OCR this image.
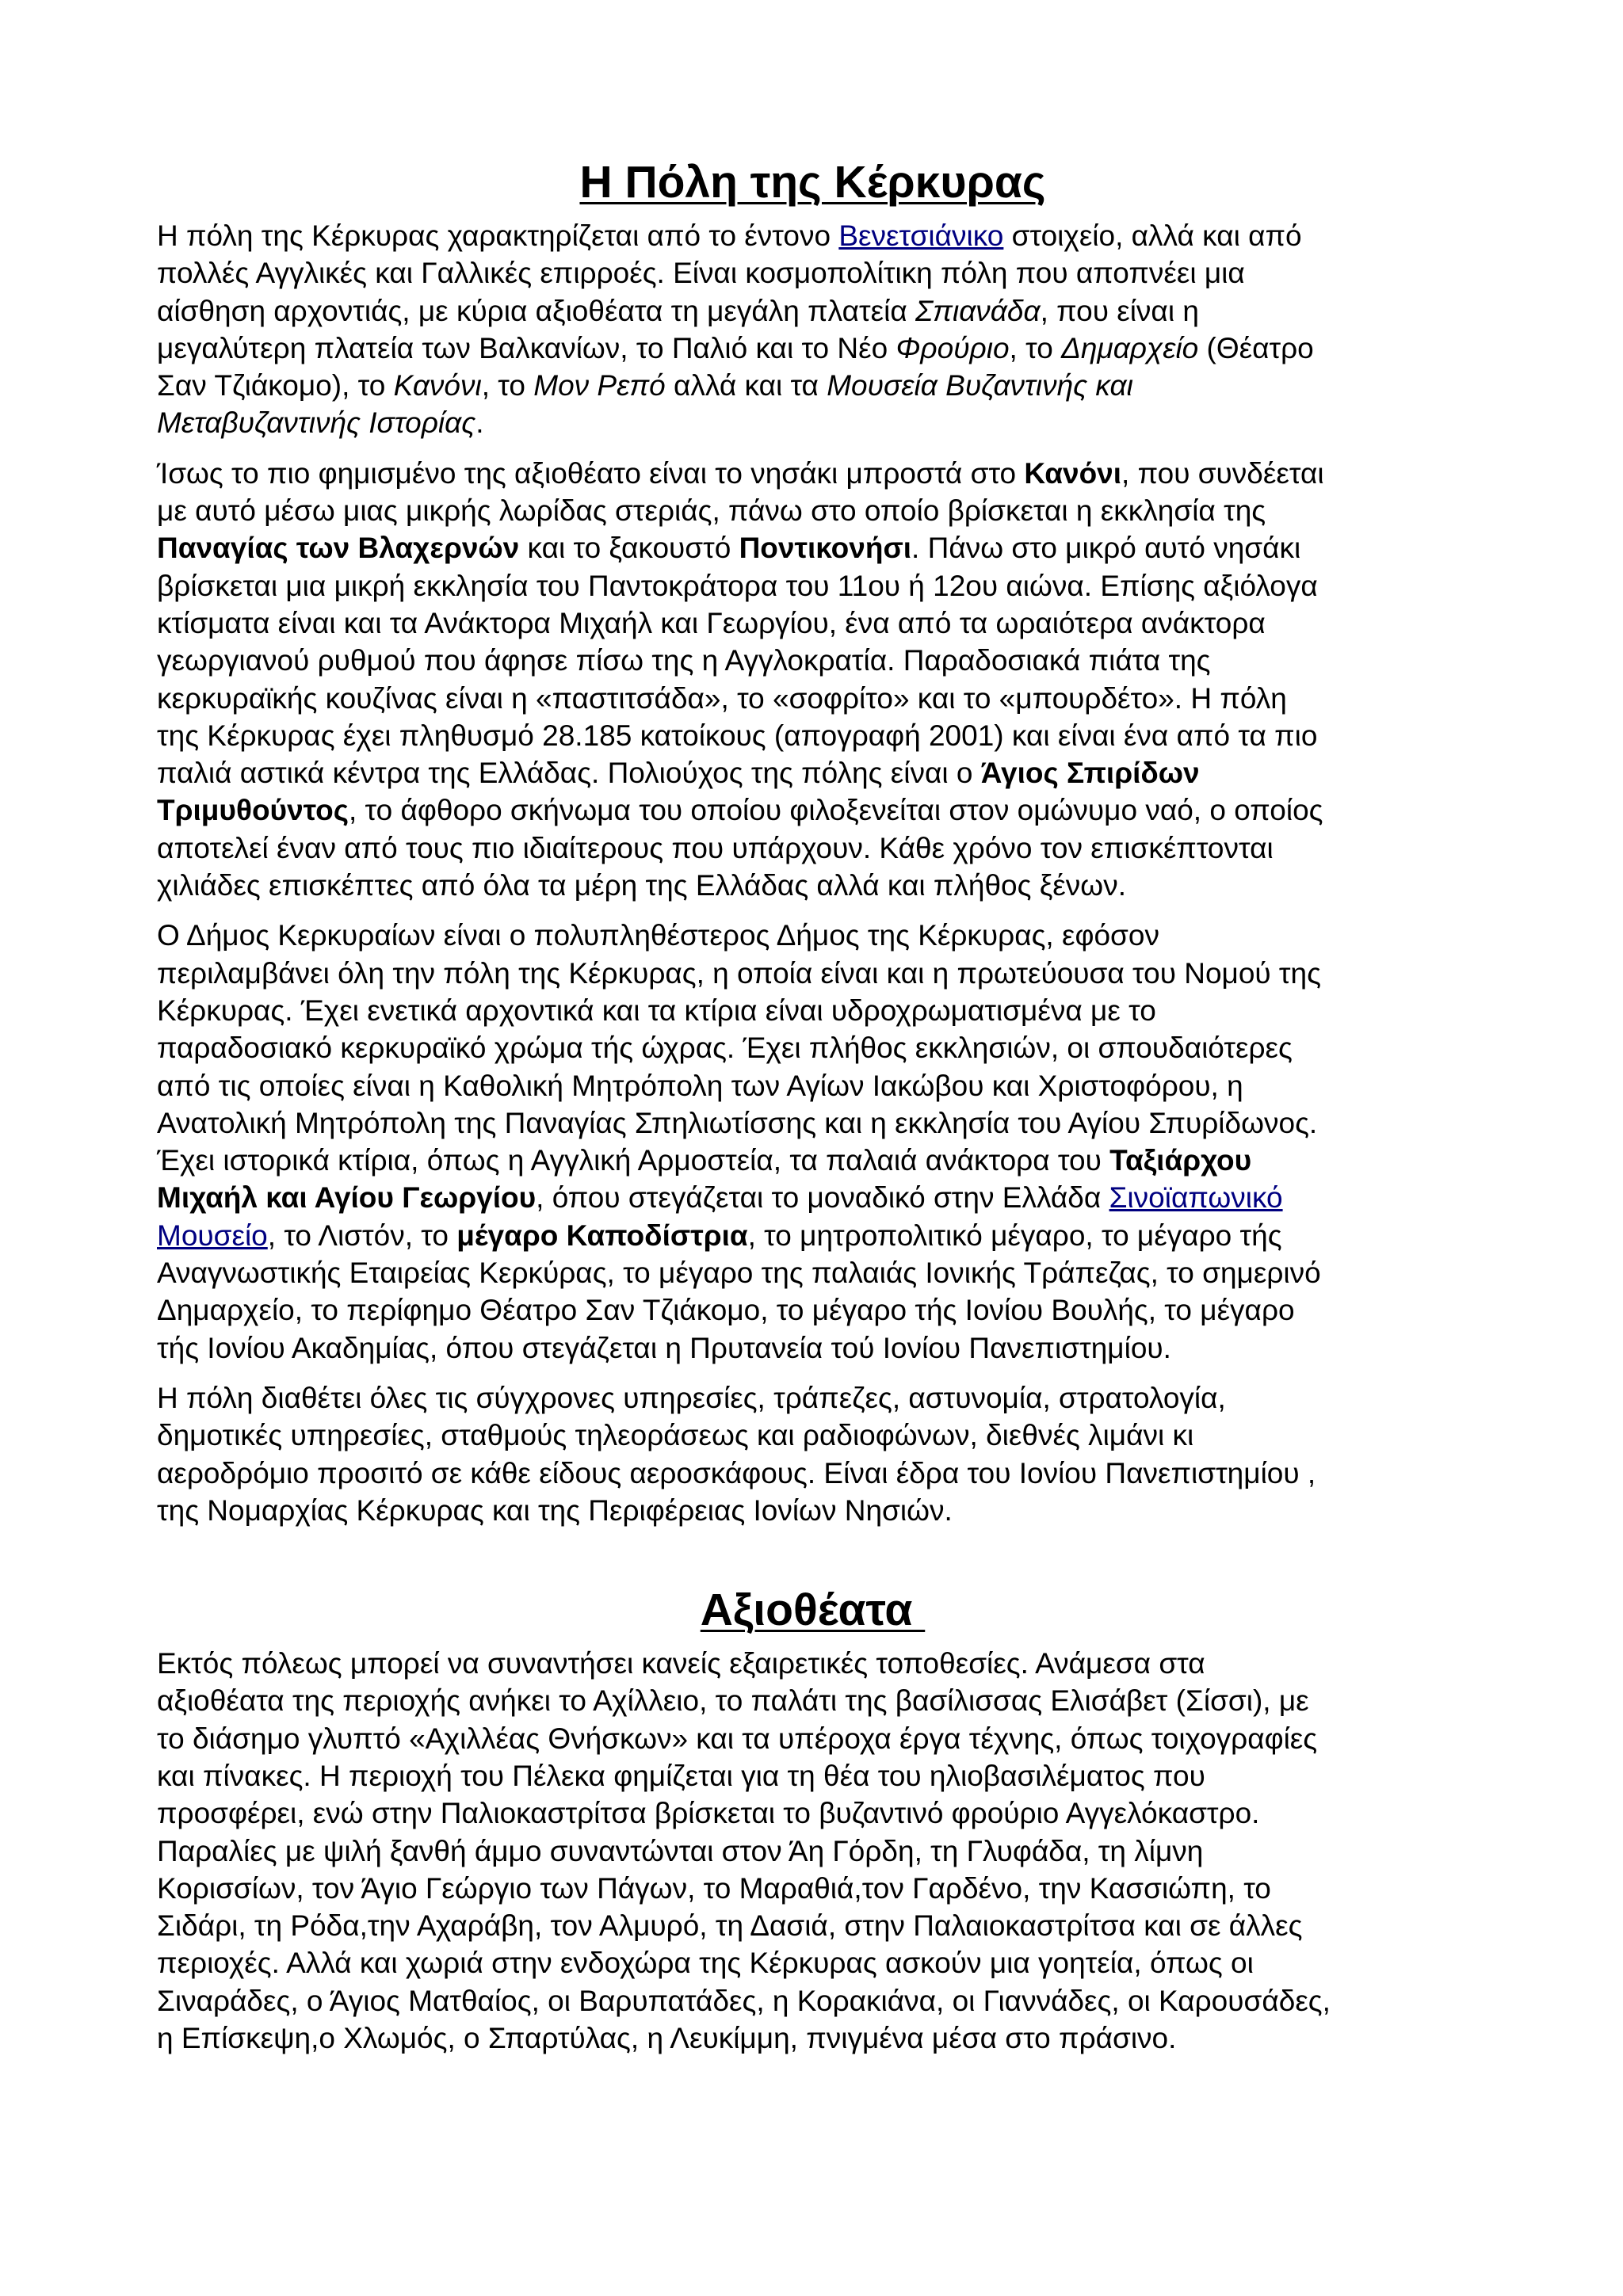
Η Πόλη της Κέρκυρας

Η πόλη της Κέρκυρας χαρακτηρίζεται από το έντονο Βενετσιάνικο στοιχείο, αλλά και από
πολλές Αγγλικές και Γαλλικές επιρροές. Είναι κοσμοπολίτικη πόλη που αποπνέει μια
αίσθηση αρχοντιάς, με κύρια αξιοθέατα τη μεγάλη πλατεία Σπιανάδα, που είναι η
μεγαλύτερη πλατεία των Βαλκανίων, το Παλιό και το Νέο Φρούριο, το Δημαρχείο (Θέατρο
Σαν Τζιάκομο), το Κανόνι, το Μον Ρεπό αλλά και τα Μουσεία Βυζαντινής και
Μεταβυζαντινής Ιστορίας.

Ίσως το πιο φημισμένο της αξιοθέατο είναι το νησάκι μπροστά στο Κανόνι, που συνδέεται
με αυτό μέσω μιας μικρής λωρίδας στεριάς, πάνω στο οποίο βρίσκεται η εκκλησία της
Παναγίας των Βλαχερνών και το ξακουστό Ποντικονήσι. Πάνω στο μικρό αυτό νησάκι
βρίσκεται μια μικρή εκκλησία του Παντοκράτορα του 11ου ή 12ου αιώνα. Επίσης αξιόλογα
κτίσματα είναι και τα Ανάκτορα Μιχαήλ και Γεωργίου, ένα από τα ωραιότερα ανάκτορα
γεωργιανού ρυθμού που άφησε πίσω της η Αγγλοκρατία. Παραδοσιακά πιάτα της
κερκυραϊκής κουζίνας είναι η «παστιτσάδα», το «σοφρίτο» και το «μπουρδέτο». Η πόλη
της Κέρκυρας έχει πληθυσμό 28.185 κατοίκους (απογραφή 2001) και είναι ένα από τα πιο
παλιά αστικά κέντρα της Ελλάδας. Πολιούχος της πόλης είναι ο Άγιος Σπιρίδων
Τριμυθούντος, το άφθορο σκήνωμα του οποίου φιλοξενείται στον ομώνυμο ναό, ο οποίος
αποτελεί έναν από τους πιο ιδιαίτερους που υπάρχουν. Κάθε χρόνο τον επισκέπτονται
χιλιάδες επισκέπτες από όλα τα μέρη της Ελλάδας αλλά και πλήθος ξένων.

Ο Δήμος Κερκυραίων είναι ο πολυπληθέστερος Δήμος της Κέρκυρας, εφόσον
περιλαμβάνει όλη την πόλη της Κέρκυρας, η οποία είναι και η πρωτεύουσα του Νομού της
Κέρκυρας. Έχει ενετικά αρχοντικά και τα κτίρια είναι υδροχρωματισμένα με το
παραδοσιακό κερκυραϊκό χρώμα τής ώχρας. Έχει πλήθος εκκλησιών, οι σπουδαιότερες
από τις οποίες είναι η Καθολική Μητρόπολη των Αγίων Ιακώβου και Χριστοφόρου, η
Ανατολική Μητρόπολη της Παναγίας Σπηλιωτίσσης και η εκκλησία του Αγίου Σπυρίδωνος.
Έχει ιστορικά κτίρια, όπως η Αγγλική Αρμοστεία, τα παλαιά ανάκτορα του Ταξιάρχου
Μιχαήλ και Αγίου Γεωργίου, όπου στεγάζεται το μοναδικό στην Ελλάδα Σινοϊαπωνικό
Μουσείο, το Λιστόν, το μέγαρο Καποδίστρια, το μητροπολιτικό μέγαρο, το μέγαρο τής
Αναγνωστικής Εταιρείας Κερκύρας, το μέγαρο της παλαιάς Ιονικής Τράπεζας, το σημερινό
Δημαρχείο, το περίφημο Θέατρο Σαν Τζιάκομο, το μέγαρο τής Ιονίου Βουλής, το μέγαρο
τής Ιονίου Ακαδημίας, όπου στεγάζεται η Πρυτανεία τού Ιονίου Πανεπιστημίου.

Η πόλη διαθέτει όλες τις σύγχρονες υπηρεσίες, τράπεζες, αστυνομία, στρατολογία,
δημοτικές υπηρεσίες, σταθμούς τηλεοράσεως και ραδιοφώνων, διεθνές λιμάνι κι
αεροδρόμιο προσιτό σε κάθε είδους αεροσκάφους. Είναι έδρα του Ιονίου Πανεπιστημίου ,
της Νομαρχίας Κέρκυρας και της Περιφέρειας Ιονίων Νησιών.

Αξιοθέατα

Εκτός πόλεως μπορεί να συναντήσει κανείς εξαιρετικές τοποθεσίες. Ανάμεσα στα
αξιοθέατα της περιοχής ανήκει το Αχίλλειο, το παλάτι της βασίλισσας Ελισάβετ (Σίσσι), με
το διάσημο γλυπτό «Αχιλλέας Θνήσκων» και τα υπέροχα έργα τέχνης, όπως τοιχογραφίες
και πίνακες. Η περιοχή του Πέλεκα φημίζεται για τη θέα του ηλιοβασιλέματος που
προσφέρει, ενώ στην Παλιοκαστρίτσα βρίσκεται το βυζαντινό φρούριο Αγγελόκαστρο.
Παραλίες με ψιλή ξανθή άμμο συναντώνται στον Άη Γόρδη, τη Γλυφάδα, τη λίμνη
Κορισσίων, τον Άγιο Γεώργιο των Πάγων, το Μαραθιά,τον Γαρδένο, την Κασσιώπη, το
Σιδάρι, τη Ρόδα,την Αχαράβη, τον Αλμυρό, τη Δασιά, στην Παλαιοκαστρίτσα και σε άλλες
περιοχές. Αλλά και χωριά στην ενδοχώρα της Κέρκυρας ασκούν μια γοητεία, όπως οι
Σιναράδες, ο Άγιος Ματθαίος, οι Βαρυπατάδες, η Κορακιάνα, οι Γιαννάδες, οι Καρουσάδες,
η Επίσκεψη,ο Χλωμός, ο Σπαρτύλας, η Λευκίμμη, πνιγμένα μέσα στο πράσινο.
